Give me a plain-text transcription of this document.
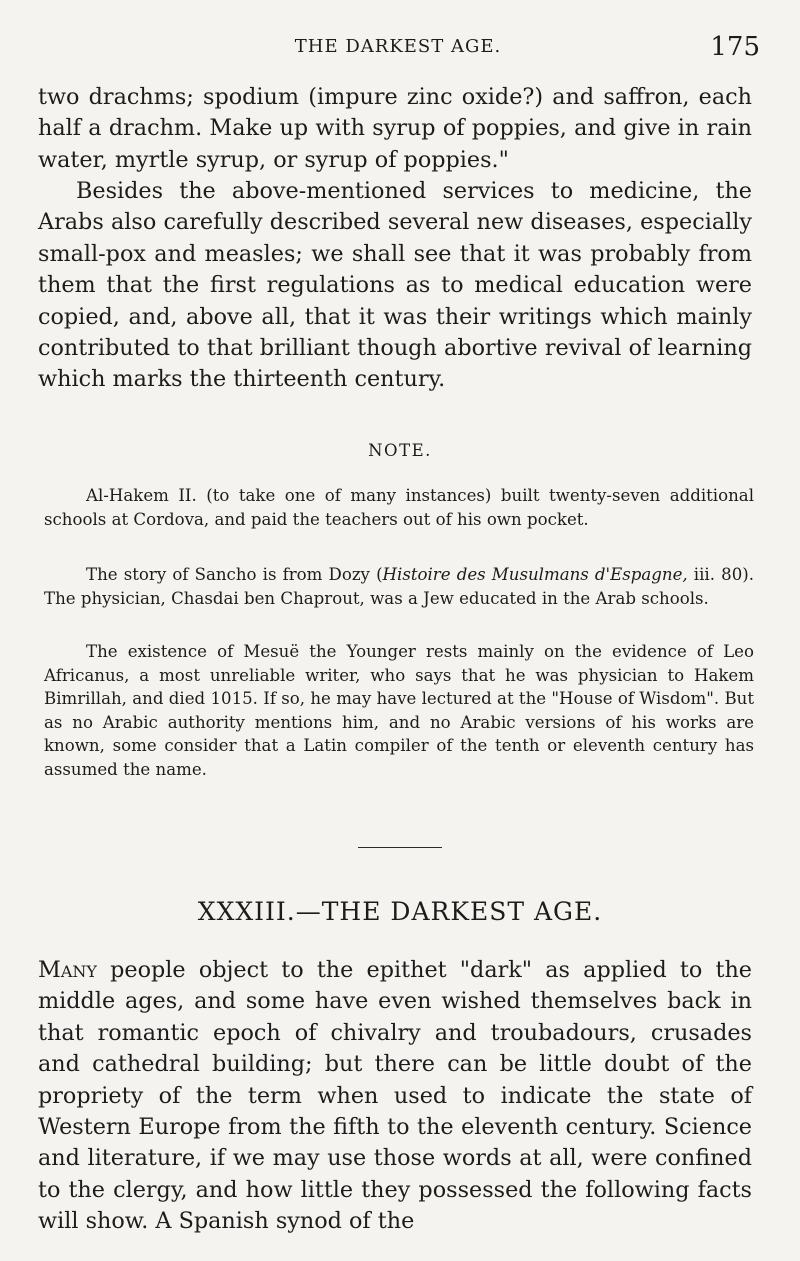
THE DARKEST AGE.	175

two drachms; spodium (impure zinc oxide?) and saffron, each half a drachm. Make up with syrup of poppies, and give in rain water, myrtle syrup, or syrup of poppies."

Besides the above-mentioned services to medicine, the Arabs also carefully described several new diseases, especially small-pox and measles; we shall see that it was probably from them that the first regulations as to medical education were copied, and, above all, that it was their writings which mainly contributed to that brilliant though abortive revival of learning which marks the thirteenth century.

NOTE.

Al-Hakem II. (to take one of many instances) built twenty-seven additional schools at Cordova, and paid the teachers out of his own pocket.

The story of Sancho is from Dozy (Histoire des Musulmans d'Espagne, iii. 80). The physician, Chasdai ben Chaprout, was a Jew educated in the Arab schools.

The existence of Mesuë the Younger rests mainly on the evidence of Leo Africanus, a most unreliable writer, who says that he was physician to Hakem Bimrillah, and died 1015. If so, he may have lectured at the "House of Wisdom". But as no Arabic authority mentions him, and no Arabic versions of his works are known, some consider that a Latin compiler of the tenth or eleventh century has assumed the name.

XXXIII.—THE DARKEST AGE.

Many people object to the epithet "dark" as applied to the middle ages, and some have even wished themselves back in that romantic epoch of chivalry and troubadours, crusades and cathedral building; but there can be little doubt of the propriety of the term when used to indicate the state of Western Europe from the fifth to the eleventh century. Science and literature, if we may use those words at all, were confined to the clergy, and how little they possessed the following facts will show. A Spanish synod of the
